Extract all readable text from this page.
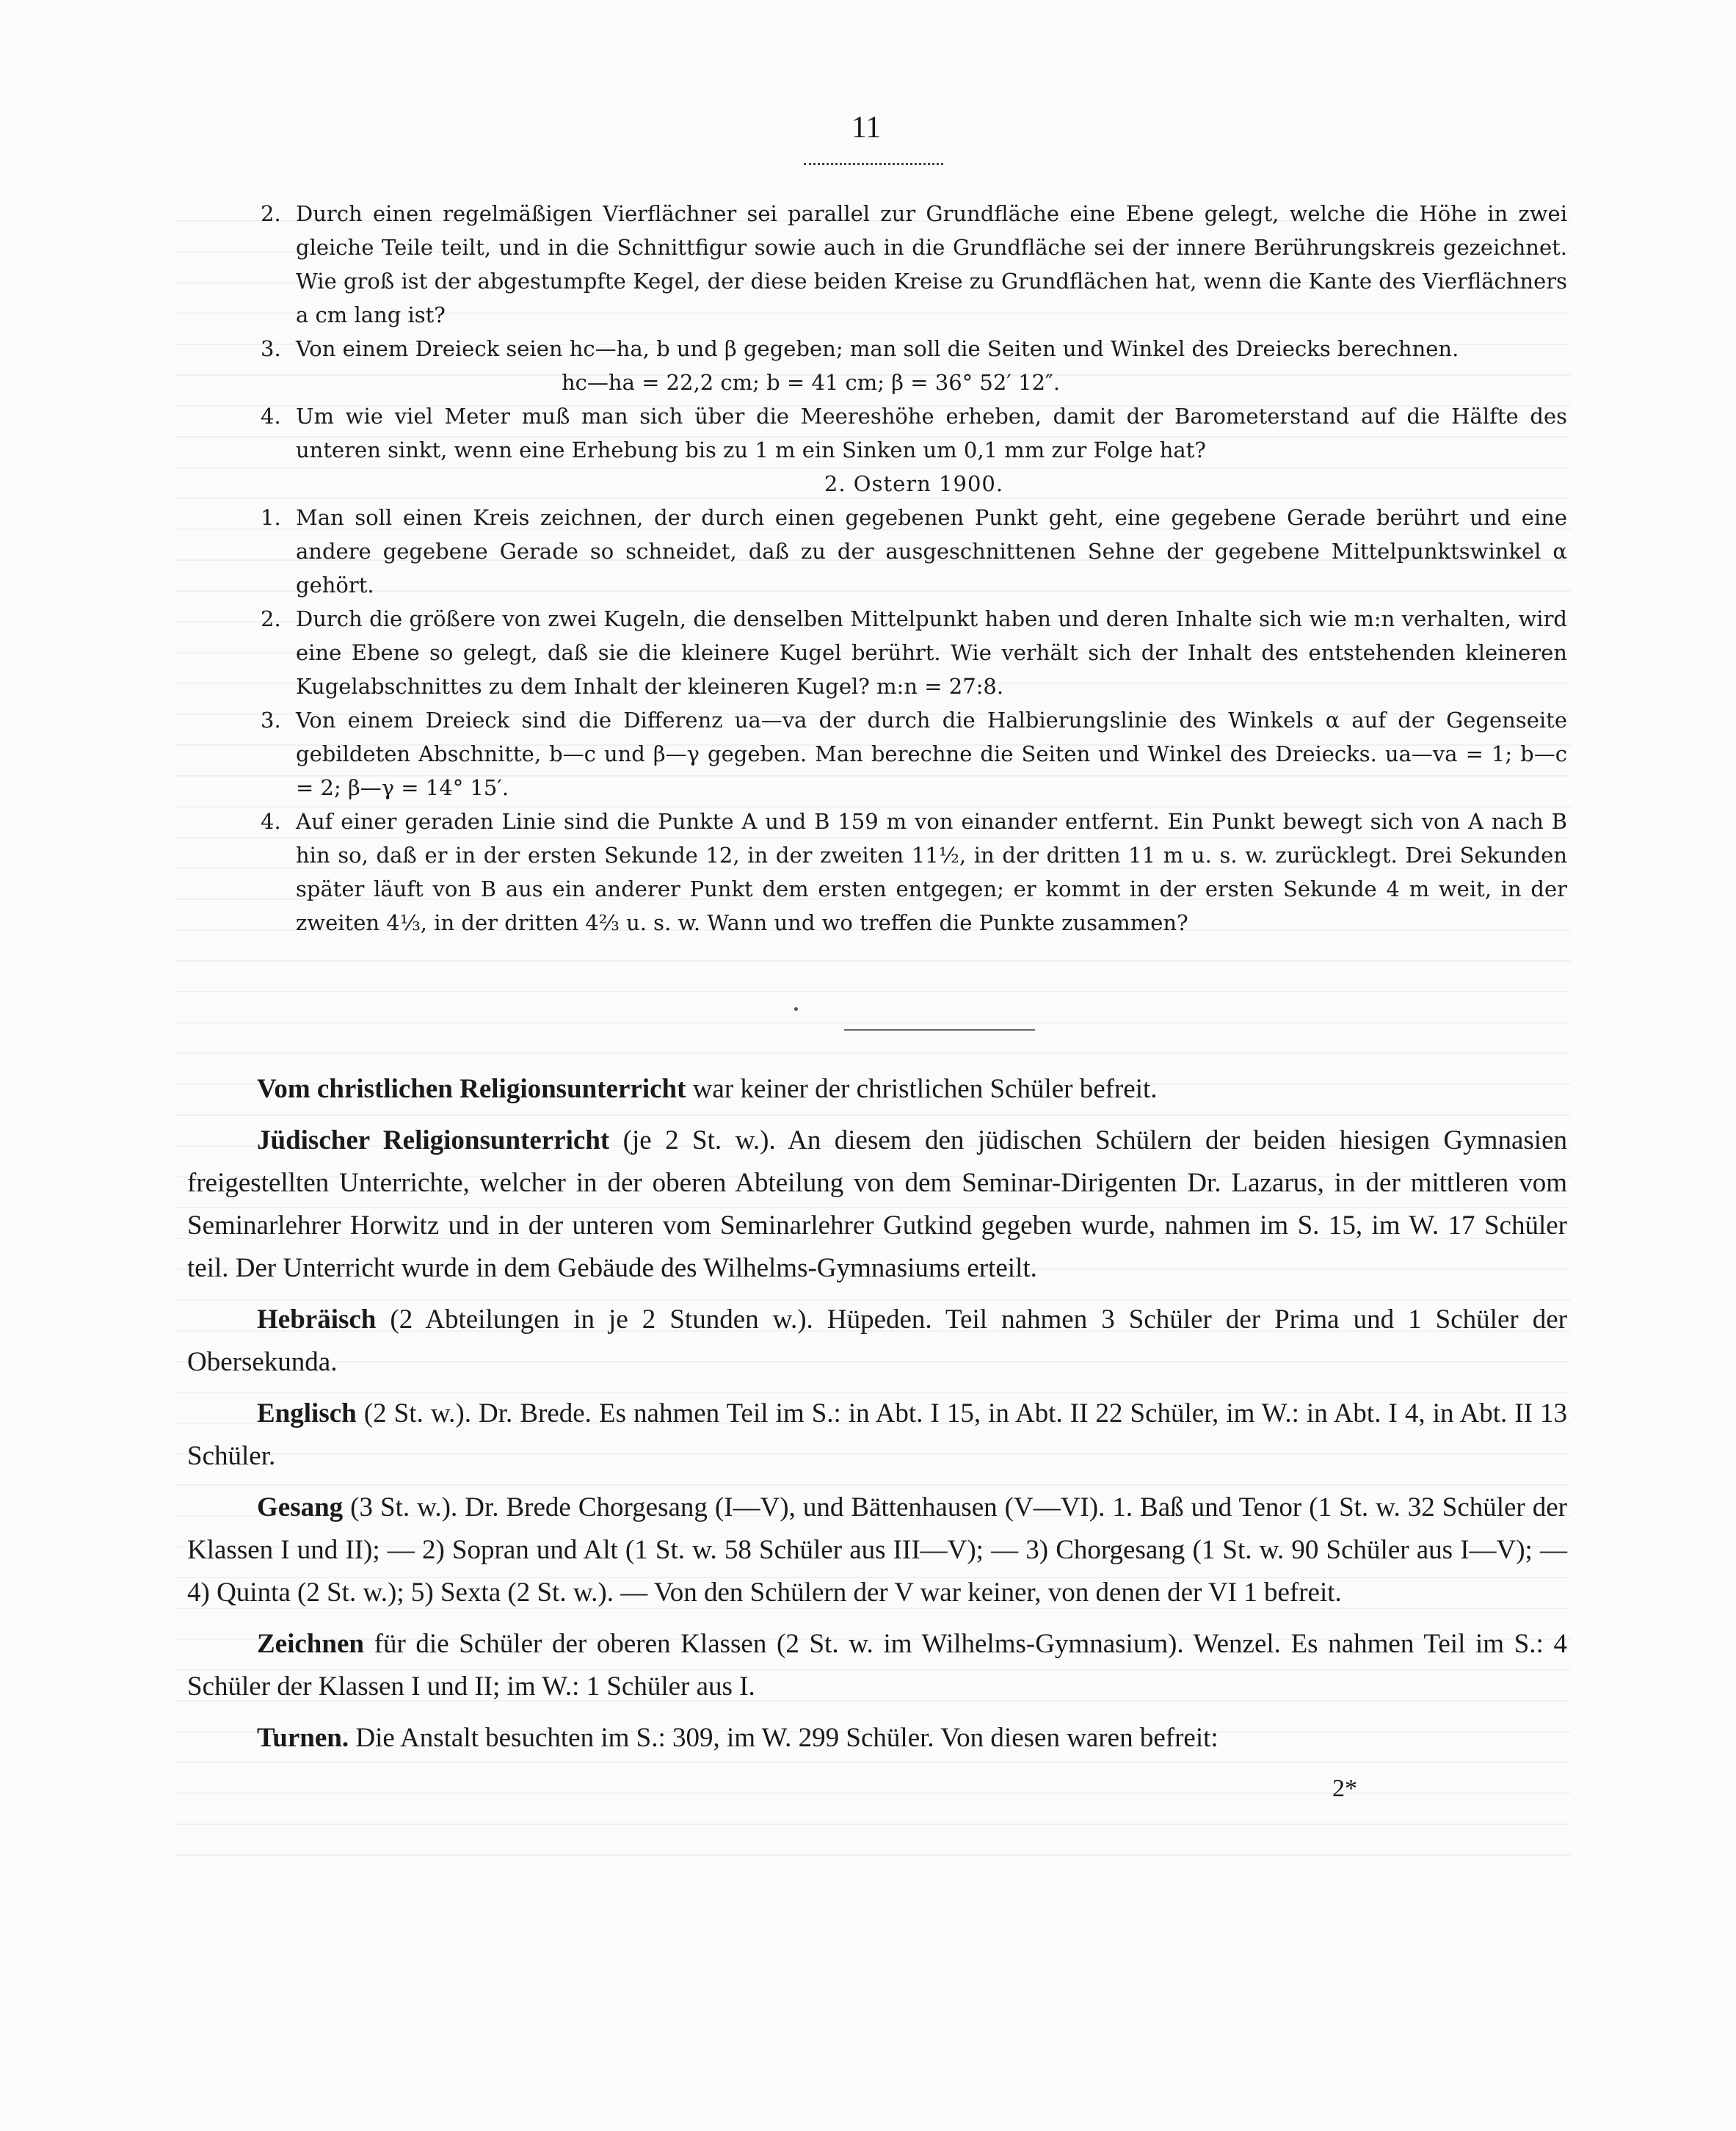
11

2. Durch einen regelmäßigen Vierflächner sei parallel zur Grundfläche eine Ebene gelegt, welche die Höhe in zwei gleiche Teile teilt, und in die Schnittfigur sowie auch in die Grundfläche sei der innere Berührungskreis gezeichnet. Wie groß ist der abgestumpfte Kegel, der diese beiden Kreise zu Grundflächen hat, wenn die Kante des Vierflächners a cm lang ist?

3. Von einem Dreieck seien hc—ha, b und β gegeben; man soll die Seiten und Winkel des Dreiecks berechnen.

hc—ha = 22,2 cm; b = 41 cm; β = 36° 52′ 12″.

4. Um wie viel Meter muß man sich über die Meereshöhe erheben, damit der Barometerstand auf die Hälfte des unteren sinkt, wenn eine Erhebung bis zu 1 m ein Sinken um 0,1 mm zur Folge hat?

2. Ostern 1900.

1. Man soll einen Kreis zeichnen, der durch einen gegebenen Punkt geht, eine gegebene Gerade berührt und eine andere gegebene Gerade so schneidet, daß zu der ausgeschnittenen Sehne der gegebene Mittelpunktswinkel α gehört.

2. Durch die größere von zwei Kugeln, die denselben Mittelpunkt haben und deren Inhalte sich wie m:n verhalten, wird eine Ebene so gelegt, daß sie die kleinere Kugel berührt. Wie verhält sich der Inhalt des entstehenden kleineren Kugelabschnittes zu dem Inhalt der kleineren Kugel? m:n = 27:8.

3. Von einem Dreieck sind die Differenz ua—va der durch die Halbierungslinie des Winkels α auf der Gegenseite gebildeten Abschnitte, b—c und β—γ gegeben. Man berechne die Seiten und Winkel des Dreiecks. ua—va = 1; b—c = 2; β—γ = 14° 15′.

4. Auf einer geraden Linie sind die Punkte A und B 159 m von einander entfernt. Ein Punkt bewegt sich von A nach B hin so, daß er in der ersten Sekunde 12, in der zweiten 11½, in der dritten 11 m u. s. w. zurücklegt. Drei Sekunden später läuft von B aus ein anderer Punkt dem ersten entgegen; er kommt in der ersten Sekunde 4 m weit, in der zweiten 4⅓, in der dritten 4⅔ u. s. w. Wann und wo treffen die Punkte zusammen?

Vom christlichen Religionsunterricht war keiner der christlichen Schüler befreit.

Jüdischer Religionsunterricht (je 2 St. w.). An diesem den jüdischen Schülern der beiden hiesigen Gymnasien freigestellten Unterrichte, welcher in der oberen Abteilung von dem Seminar-Dirigenten Dr. Lazarus, in der mittleren vom Seminarlehrer Horwitz und in der unteren vom Seminarlehrer Gutkind gegeben wurde, nahmen im S. 15, im W. 17 Schüler teil. Der Unterricht wurde in dem Gebäude des Wilhelms-Gymnasiums erteilt.

Hebräisch (2 Abteilungen in je 2 Stunden w.). Hüpeden. Teil nahmen 3 Schüler der Prima und 1 Schüler der Obersekunda.

Englisch (2 St. w.). Dr. Brede. Es nahmen Teil im S.: in Abt. I 15, in Abt. II 22 Schüler, im W.: in Abt. I 4, in Abt. II 13 Schüler.

Gesang (3 St. w.). Dr. Brede Chorgesang (I—V), und Bättenhausen (V—VI). 1. Baß und Tenor (1 St. w. 32 Schüler der Klassen I und II); — 2) Sopran und Alt (1 St. w. 58 Schüler aus III—V); — 3) Chorgesang (1 St. w. 90 Schüler aus I—V); — 4) Quinta (2 St. w.); 5) Sexta (2 St. w.). — Von den Schülern der V war keiner, von denen der VI 1 befreit.

Zeichnen für die Schüler der oberen Klassen (2 St. w. im Wilhelms-Gymnasium). Wenzel. Es nahmen Teil im S.: 4 Schüler der Klassen I und II; im W.: 1 Schüler aus I.

Turnen. Die Anstalt besuchten im S.: 309, im W. 299 Schüler. Von diesen waren befreit:

2*
